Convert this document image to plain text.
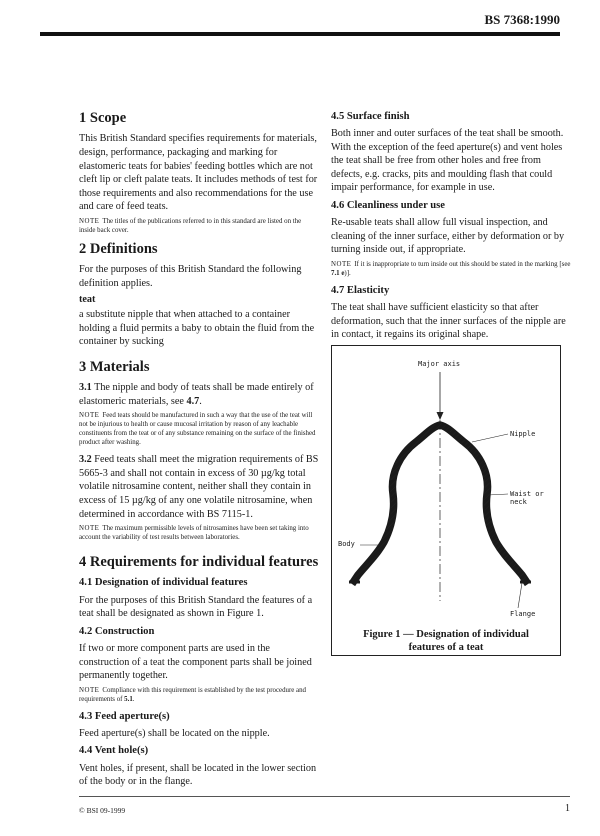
BS 7368:1990
1 Scope

This British Standard specifies requirements for materials, design, performance, packaging and marking for elastomeric teats for babies' feeding bottles which are not cleft lip or cleft palate teats. It includes methods of test for those requirements and also recommendations for the use and care of feed teats.

NOTE The titles of the publications referred to in this standard are listed on the inside back cover.
2 Definitions

For the purposes of this British Standard the following definition applies.

teat

a substitute nipple that when attached to a container holding a fluid permits a baby to obtain the fluid from the container by sucking

3 Materials

3.1 The nipple and body of teats shall be made entirely of elastomeric materials, see 4.7.

NOTE Feed teats should be manufactured in such a way that the use of the teat will not be injurious to health or cause mucosal irritation by reason of any leachable constituents from the teat or of any substance remaining on the surface of the finished product after washing.

3.2 Feed teats shall meet the migration requirements of BS 5665-3 and shall not contain in excess of 30 µg/kg total volatile nitrosamine content, neither shall they contain in excess of 15 µg/kg of any one volatile nitrosamine, when determined in accordance with BS 7115-1.

NOTE The maximum permissible levels of nitrosamines have been set taking into account the variability of test results between laboratories.
4 Requirements for individual features
4.1 Designation of individual features

For the purposes of this British Standard the features of a teat shall be designated as shown in Figure 1.

4.2 Construction

If two or more component parts are used in the construction of a teat the component parts shall be joined permanently together.

NOTE Compliance with this requirement is established by the test procedure and requirements of 5.1.
4.3 Feed aperture(s)

Feed aperture(s) shall be located on the nipple.

4.4 Vent hole(s)

Vent holes, if present, shall be located in the lower section of the body or in the flange.

4.5 Surface finish

Both inner and outer surfaces of the teat shall be smooth. With the exception of the feed aperture(s) and vent holes the teat shall be free from other holes and free from defects, e.g. cracks, pits and moulding flash that could impair performance, for example in use.

4.6 Cleanliness under use

Re-usable teats shall allow full visual inspection, and cleaning of the inner surface, either by deformation or by turning inside out, if appropriate.

NOTE If it is inappropriate to turn inside out this should be stated in the marking [see 7.1 e)].
4.7 Elasticity

The teat shall have sufficient elasticity so that after deformation, such that the inner surfaces of the nipple are in contact, it regains its original shape.

Major axis
Nipple
Waist or neck
Body
Flange
Figure 1 — Designation of individual
features of a teat
© BSI 09-1999	1
